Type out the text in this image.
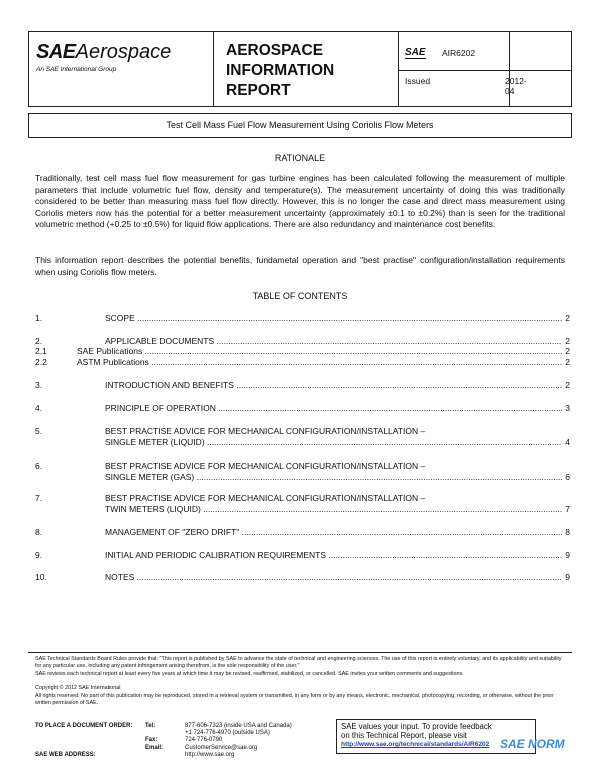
SAEAerospace
An SAE International Group
AEROSPACE
INFORMATION
REPORT
SAE AIR6202
Issued	2012-04
Test Cell Mass Fuel Flow Measurement Using Coriolis Flow Meters
RATIONALE
Traditionally, test cell mass fuel flow measurement for gas turbine engines has been calculated following the measurement of multiple parameters that include volumetric fuel flow, density and temperature(s). The measurement uncertainty of doing this was traditionally considered to be better than measuring mass fuel flow directly. However, this is no longer the case and direct mass measurement using Coriolis meters now has the potential for a better measurement uncertainty (approximately ±0.1 to ±0.2%) than is seen for the traditional volumetric method (+0.25 to ±0.5%) for liquid flow applications. There are also redundancy and maintenance cost benefits.
This information report describes the potential benefits, fundametal operation and "best practise" configuration/installation requirements when using Coriolis flow meters.
TABLE OF CONTENTS
1.	SCOPE .....	2
2.	APPLICABLE DOCUMENTS .....	2
2.1	SAE Publications .....	2
2.2	ASTM Publications .....	2
3.	INTRODUCTION AND BENEFITS .....	2
4.	PRINCIPLE OF OPERATION .....	3
5.	BEST PRACTISE ADVICE FOR MECHANICAL CONFIGURATION/INSTALLATION –
SINGLE METER (LIQUID) .....	4
6.	BEST PRACTISE ADVICE FOR MECHANICAL CONFIGURATION/INSTALLATION –
SINGLE METER (GAS) .....	6
7.	BEST PRACTISE ADVICE FOR MECHANICAL CONFIGURATION/INSTALLATION –
TWIN METERS (LIQUID) .....	7
8.	MANAGEMENT OF "ZERO DRIFT" .....	8
9.	INITIAL AND PERIODIC CALIBRATION REQUIREMENTS .....	9
10.	NOTES .....	9
SAE Technical Standards Board Rules provide that: "This report is published by SAE to advance the state of technical and engineering sciences. The use of this report is entirely voluntary, and its applicability and suitability for any particular use, including any patent infringement arising therefrom, is the sole responsibility of the user."
SAE reviews each technical report at least every five years at which time it may be revised, reaffirmed, stabilized, or cancelled. SAE invites your written comments and suggestions.
Copyright © 2012 SAE International
All rights reserved. No part of this publication may be reproduced, stored in a retrieval system or transmitted, in any form or by any means, electronic, mechanical, photocopying, recording, or otherwise, without the prior written permission of SAE.
TO PLACE A DOCUMENT ORDER: Tel:	877-606-7323 (inside USA and Canada)
+1 724-776-4970 (outside USA)
Fax:	724-776-0790
Email:	CustomerService@sae.org
SAE WEB ADDRESS:	http://www.sae.org
SAE values your input. To provide feedback
on this Technical Report, please visit
http://www.sae.org/technical/standards/AIR6202 SAE NORM
